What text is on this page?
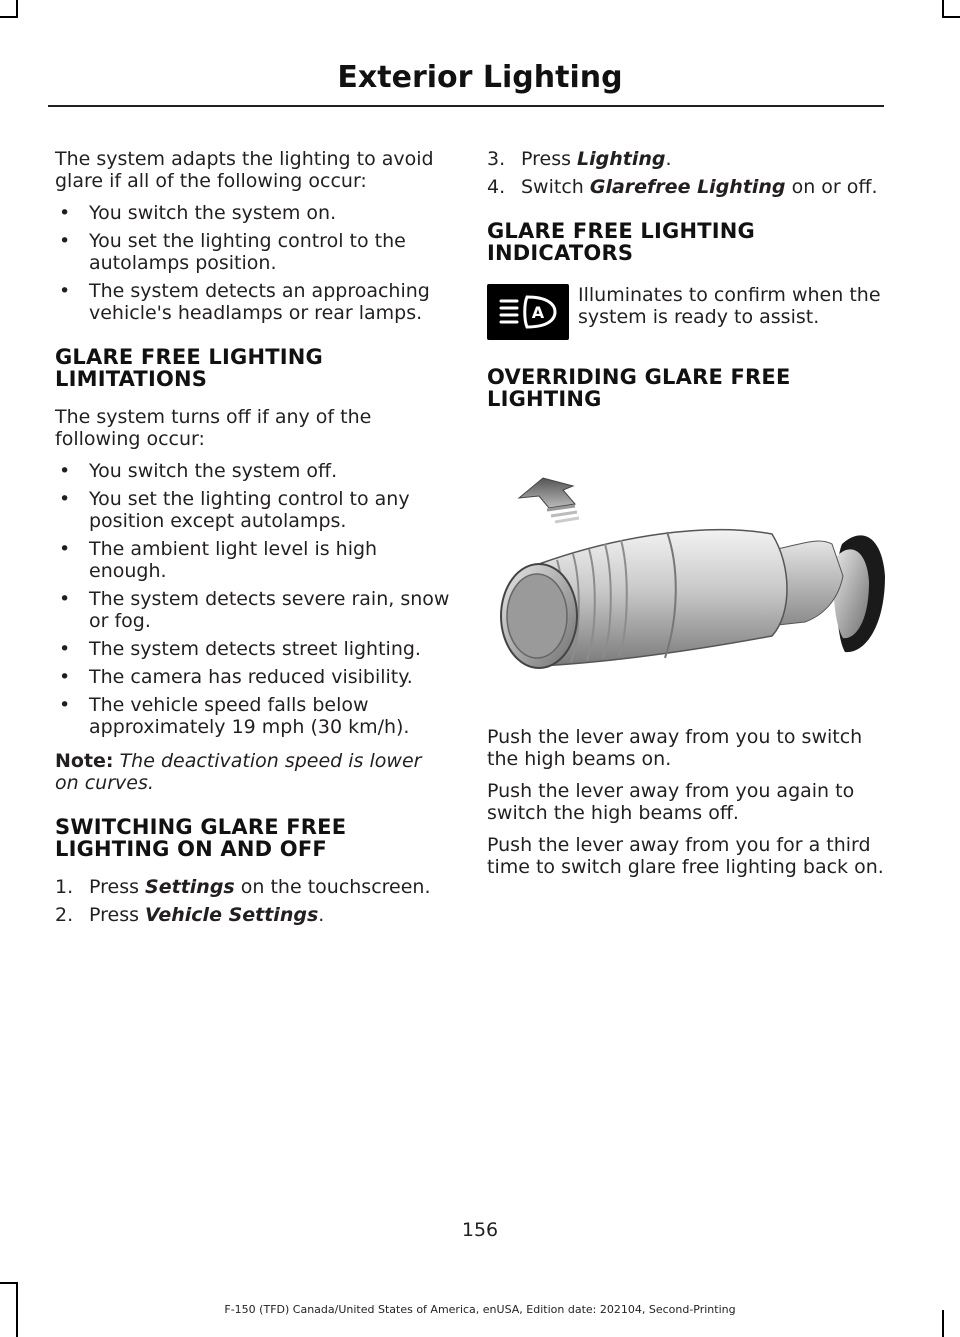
Exterior Lighting

The system adapts the lighting to avoid glare if all of the following occur:

• You switch the system on.
• You set the lighting control to the autolamps position.
• The system detects an approaching vehicle's headlamps or rear lamps.
GLARE FREE LIGHTING LIMITATIONS

The system turns off if any of the following occur:

• You switch the system off.
• You set the lighting control to any position except autolamps.
• The ambient light level is high enough.
• The system detects severe rain, snow or fog.
• The system detects street lighting.
• The camera has reduced visibility.
• The vehicle speed falls below approximately 19 mph (30 km/h).

Note: The deactivation speed is lower on curves.

SWITCHING GLARE FREE LIGHTING ON AND OFF
1. Press Settings on the touchscreen.
2. Press Vehicle Settings.
3. Press Lighting.
4. Switch Glarefree Lighting on or off.
GLARE FREE LIGHTING INDICATORS
A
Illuminates to confirm when the system is ready to assist.
OVERRIDING GLARE FREE LIGHTING

Push the lever away from you to switch the high beams on.

Push the lever away from you again to switch the high beams off.

Push the lever away from you for a third time to switch glare free lighting back on.

156
F-150 (TFD) Canada/United States of America, enUSA, Edition date: 202104, Second-Printing
